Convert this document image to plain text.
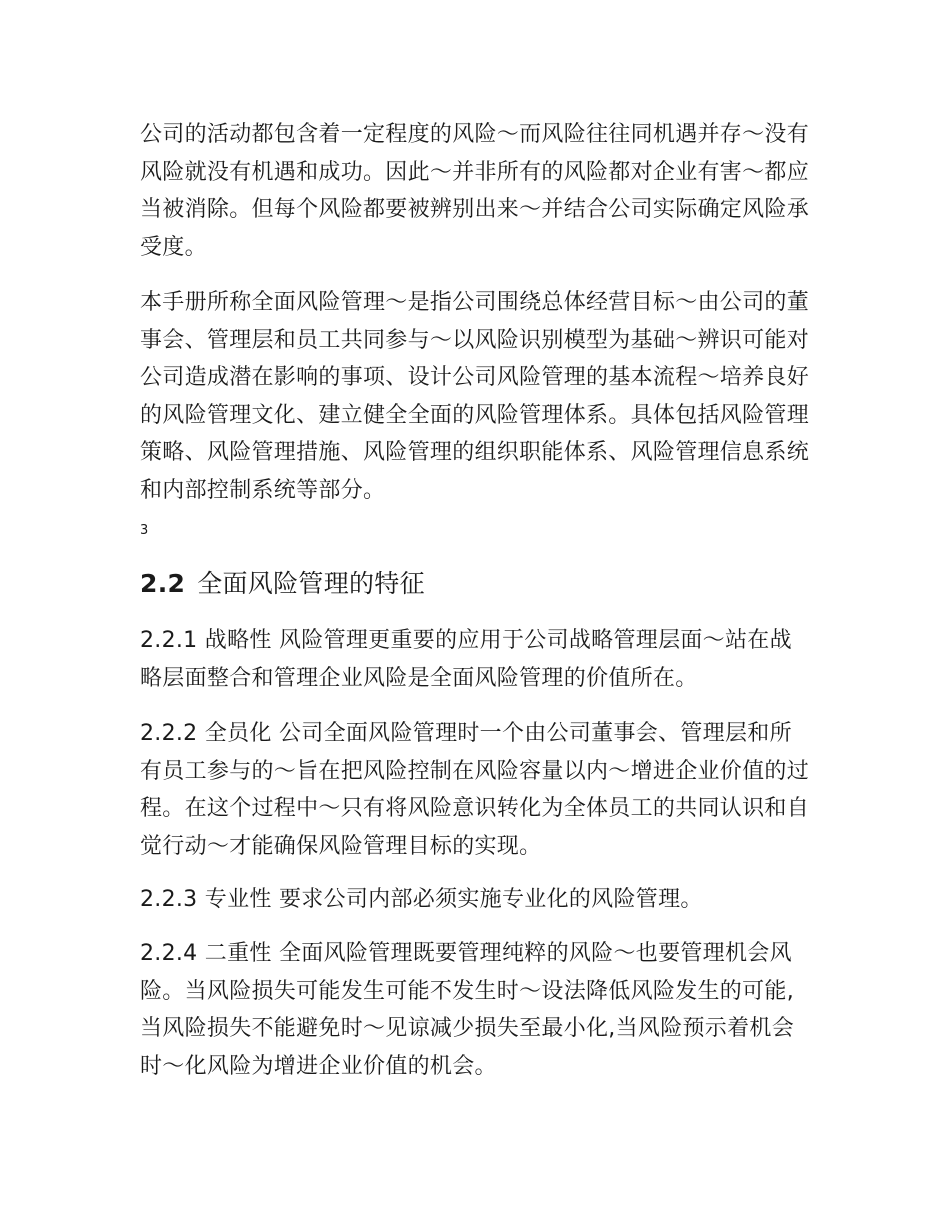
公司的活动都包含着一定程度的风险～而风险往往同机遇并存～没有风险就没有机遇和成功。因此～并非所有的风险都对企业有害～都应当被消除。但每个风险都要被辨别出来～并结合公司实际确定风险承受度。

本手册所称全面风险管理～是指公司围绕总体经营目标～由公司的董事会、管理层和员工共同参与～以风险识别模型为基础～辨识可能对公司造成潜在影响的事项、设计公司风险管理的基本流程～培养良好的风险管理文化、建立健全全面的风险管理体系。具体包括风险管理策略、风险管理措施、风险管理的组织职能体系、风险管理信息系统和内部控制系统等部分。

3
2.2 全面风险管理的特征

2.2.1 战略性 风险管理更重要的应用于公司战略管理层面～站在战略层面整合和管理企业风险是全面风险管理的价值所在。

2.2.2 全员化 公司全面风险管理时一个由公司董事会、管理层和所有员工参与的～旨在把风险控制在风险容量以内～增进企业价值的过程。在这个过程中～只有将风险意识转化为全体员工的共同认识和自觉行动～才能确保风险管理目标的实现。

2.2.3 专业性 要求公司内部必须实施专业化的风险管理。

2.2.4 二重性 全面风险管理既要管理纯粹的风险～也要管理机会风险。当风险损失可能发生可能不发生时～设法降低风险发生的可能,当风险损失不能避免时～见谅减少损失至最小化,当风险预示着机会时～化风险为增进企业价值的机会。
